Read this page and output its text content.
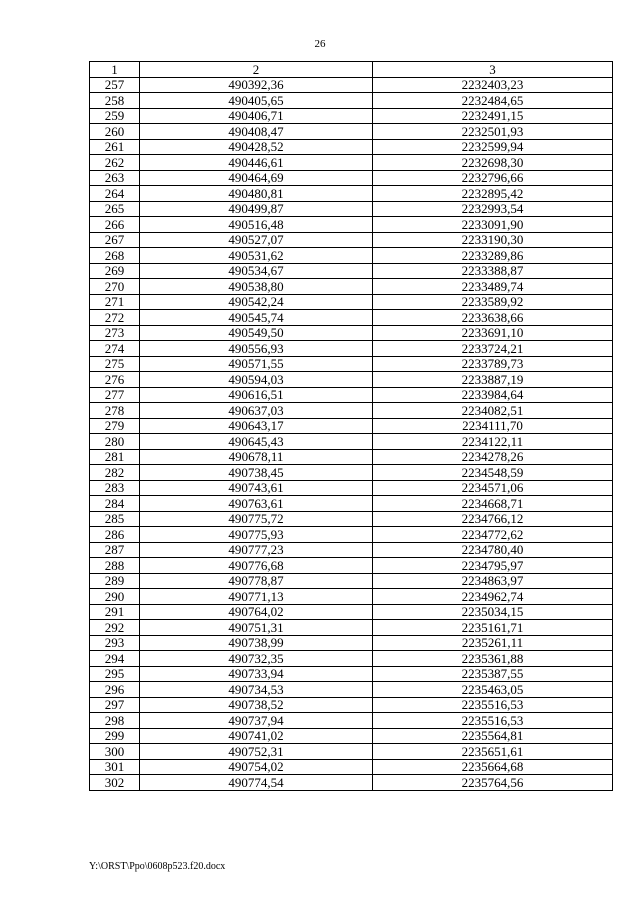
26
1	2	3
257	490392,36	2232403,23
258	490405,65	2232484,65
259	490406,71	2232491,15
260	490408,47	2232501,93
261	490428,52	2232599,94
262	490446,61	2232698,30
263	490464,69	2232796,66
264	490480,81	2232895,42
265	490499,87	2232993,54
266	490516,48	2233091,90
267	490527,07	2233190,30
268	490531,62	2233289,86
269	490534,67	2233388,87
270	490538,80	2233489,74
271	490542,24	2233589,92
272	490545,74	2233638,66
273	490549,50	2233691,10
274	490556,93	2233724,21
275	490571,55	2233789,73
276	490594,03	2233887,19
277	490616,51	2233984,64
278	490637,03	2234082,51
279	490643,17	2234111,70
280	490645,43	2234122,11
281	490678,11	2234278,26
282	490738,45	2234548,59
283	490743,61	2234571,06
284	490763,61	2234668,71
285	490775,72	2234766,12
286	490775,93	2234772,62
287	490777,23	2234780,40
288	490776,68	2234795,97
289	490778,87	2234863,97
290	490771,13	2234962,74
291	490764,02	2235034,15
292	490751,31	2235161,71
293	490738,99	2235261,11
294	490732,35	2235361,88
295	490733,94	2235387,55
296	490734,53	2235463,05
297	490738,52	2235516,53
298	490737,94	2235516,53
299	490741,02	2235564,81
300	490752,31	2235651,61
301	490754,02	2235664,68
302	490774,54	2235764,56
Y:\ORST\Ppo\0608p523.f20.docx
